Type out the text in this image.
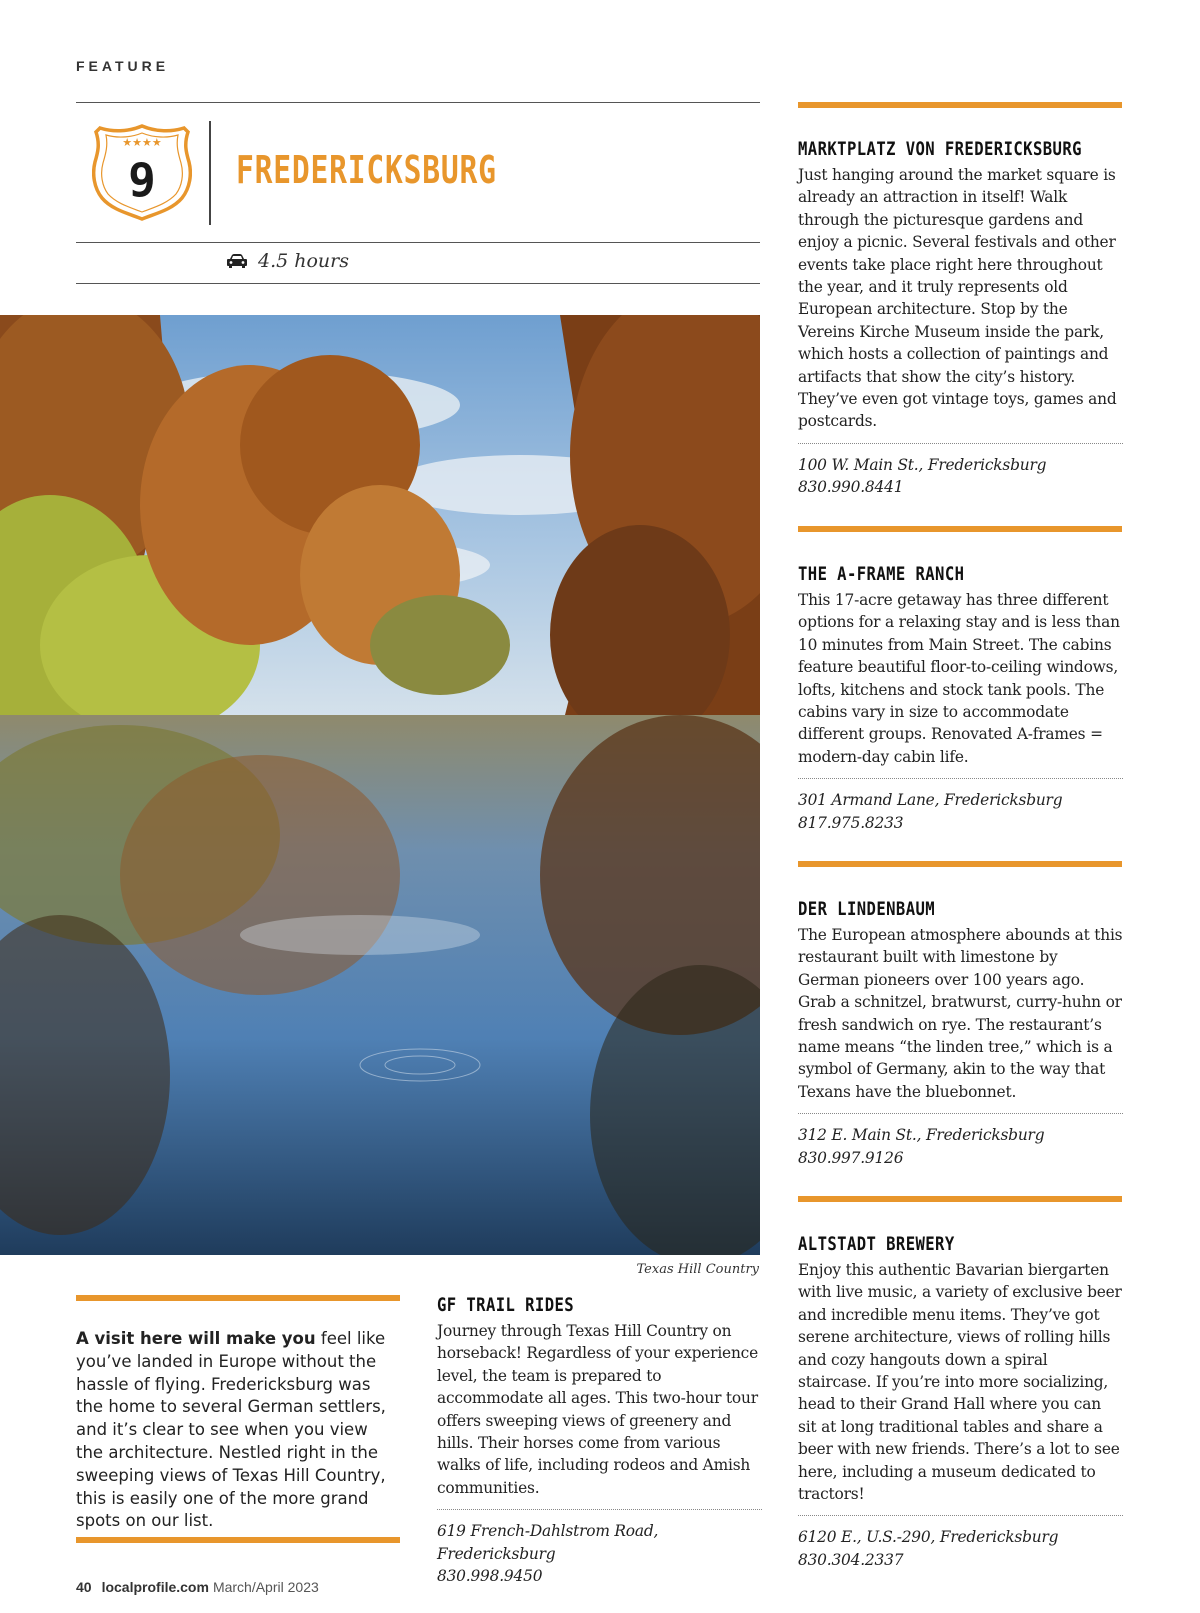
FEATURE
★★★★
9 FREDERICKSBURG
4.5 hours
Texas Hill Country
A visit here will make you feel like you’ve landed in Europe without the hassle of flying. Fredericksburg was the home to several German settlers, and it’s clear to see when you view the architecture. Nestled right in the sweeping views of Texas Hill Country, this is easily one of the more grand spots on our list.
GF TRAIL RIDES
Journey through Texas Hill Country on horseback! Regardless of your experience level, the team is prepared to accommodate all ages. This two-hour tour offers sweeping views of greenery and hills. Their horses come from various walks of life, including rodeos and Amish communities.
619 French-Dahlstrom Road, Fredericksburg
830.998.9450
MARKTPLATZ VON FREDERICKSBURG
Just hanging around the market square is already an attraction in itself! Walk through the picturesque gardens and enjoy a picnic. Several festivals and other events take place right here throughout the year, and it truly represents old European architecture. Stop by the Vereins Kirche Museum inside the park, which hosts a collection of paintings and artifacts that show the city’s history. They’ve even got vintage toys, games and postcards.
100 W. Main St., Fredericksburg
830.990.8441
THE A-FRAME RANCH
This 17-acre getaway has three different options for a relaxing stay and is less than 10 minutes from Main Street. The cabins feature beautiful floor-to-ceiling windows, lofts, kitchens and stock tank pools. The cabins vary in size to accommodate different groups. Renovated A-frames = modern-day cabin life.
301 Armand Lane, Fredericksburg
817.975.8233
DER LINDENBAUM
The European atmosphere abounds at this restaurant built with limestone by German pioneers over 100 years ago. Grab a schnitzel, bratwurst, curry-huhn or fresh sandwich on rye. The restaurant’s name means “the linden tree,” which is a symbol of Germany, akin to the way that Texans have the bluebonnet.
312 E. Main St., Fredericksburg
830.997.9126
ALTSTADT BREWERY
Enjoy this authentic Bavarian biergarten with live music, a variety of exclusive beer and incredible menu items. They’ve got serene architecture, views of rolling hills and cozy hangouts down a spiral staircase. If you’re into more socializing, head to their Grand Hall where you can sit at long traditional tables and share a beer with new friends. There’s a lot to see here, including a museum dedicated to tractors!
6120 E., U.S.-290, Fredericksburg
830.304.2337
40 localprofile.com March/April 2023
